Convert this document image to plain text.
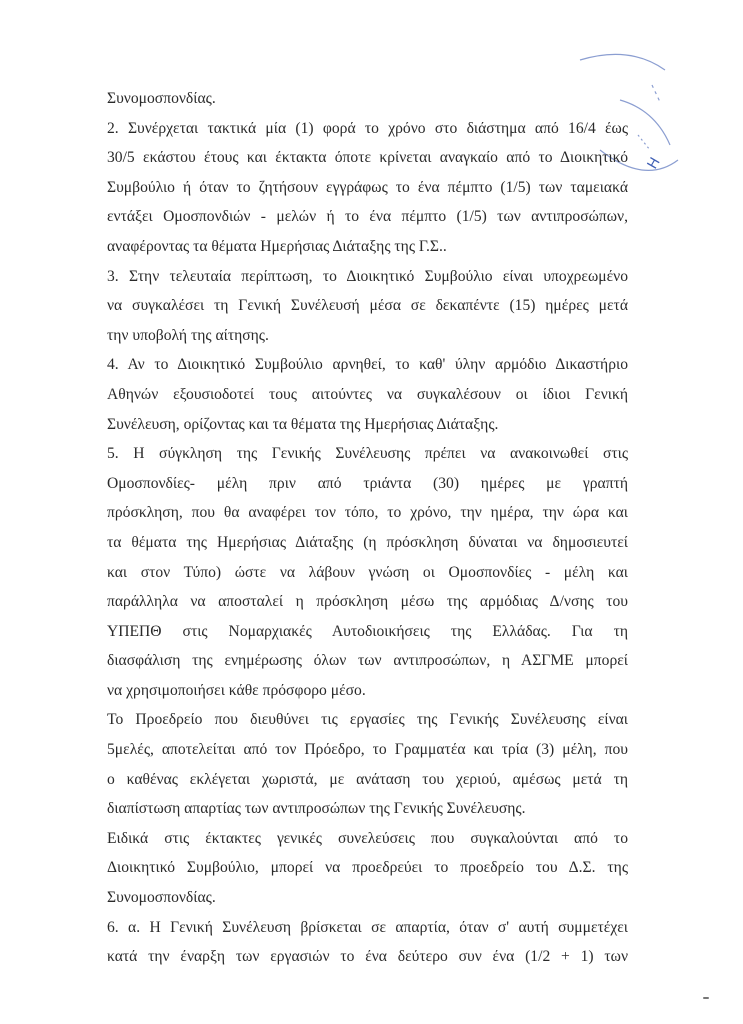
Η
Συνομοσπονδίας.
2. Συνέρχεται τακτικά μία (1) φορά το χρόνο στο διάστημα από 16/4 έως
30/5 εκάστου έτους και έκτακτα όποτε κρίνεται αναγκαίο από το Διοικητικό
Συμβούλιο ή όταν το ζητήσουν εγγράφως το ένα πέμπτο (1/5) των ταμειακά
εντάξει Ομοσπονδιών - μελών ή το ένα πέμπτο (1/5) των αντιπροσώπων,
αναφέροντας τα θέματα Ημερήσιας Διάταξης της Γ.Σ..
3. Στην τελευταία περίπτωση, το Διοικητικό Συμβούλιο είναι υποχρεωμένο
να συγκαλέσει τη Γενική Συνέλευσή μέσα σε δεκαπέντε (15) ημέρες μετά
την υποβολή της αίτησης.
4. Αν το Διοικητικό Συμβούλιο αρνηθεί, το καθ' ύλην αρμόδιο Δικαστήριο
Αθηνών εξουσιοδοτεί τους αιτούντες να συγκαλέσουν οι ίδιοι Γενική
Συνέλευση, ορίζοντας και τα θέματα της Ημερήσιας Διάταξης.
5. Η σύγκληση της Γενικής Συνέλευσης πρέπει να ανακοινωθεί στις
Ομοσπονδίες- μέλη πριν από τριάντα (30) ημέρες με γραπτή
πρόσκληση, που θα αναφέρει τον τόπο, το χρόνο, την ημέρα, την ώρα και
τα θέματα της Ημερήσιας Διάταξης (η πρόσκληση δύναται να δημοσιευτεί
και στον Τύπο) ώστε να λάβουν γνώση οι Ομοσπονδίες - μέλη και
παράλληλα να αποσταλεί η πρόσκληση μέσω της αρμόδιας Δ/νσης του
ΥΠΕΠΘ στις Νομαρχιακές Αυτοδιοικήσεις της Ελλάδας. Για τη
διασφάλιση της ενημέρωσης όλων των αντιπροσώπων, η ΑΣΓΜΕ μπορεί
να χρησιμοποιήσει κάθε πρόσφορο μέσο.
Το Προεδρείο που διευθύνει τις εργασίες της Γενικής Συνέλευσης είναι
5μελές, αποτελείται από τον Πρόεδρο, το Γραμματέα και τρία (3) μέλη, που
ο καθένας εκλέγεται χωριστά, με ανάταση του χεριού, αμέσως μετά τη
διαπίστωση απαρτίας των αντιπροσώπων της Γενικής Συνέλευσης.
Ειδικά στις έκτακτες γενικές συνελεύσεις που συγκαλούνται από το
Διοικητικό Συμβούλιο, μπορεί να προεδρεύει το προεδρείο του Δ.Σ. της
Συνομοσπονδίας.
6. α. Η Γενική Συνέλευση βρίσκεται σε απαρτία, όταν σ' αυτή συμμετέχει
κατά την έναρξη των εργασιών το ένα δεύτερο συν ένα (1/2 + 1) των
